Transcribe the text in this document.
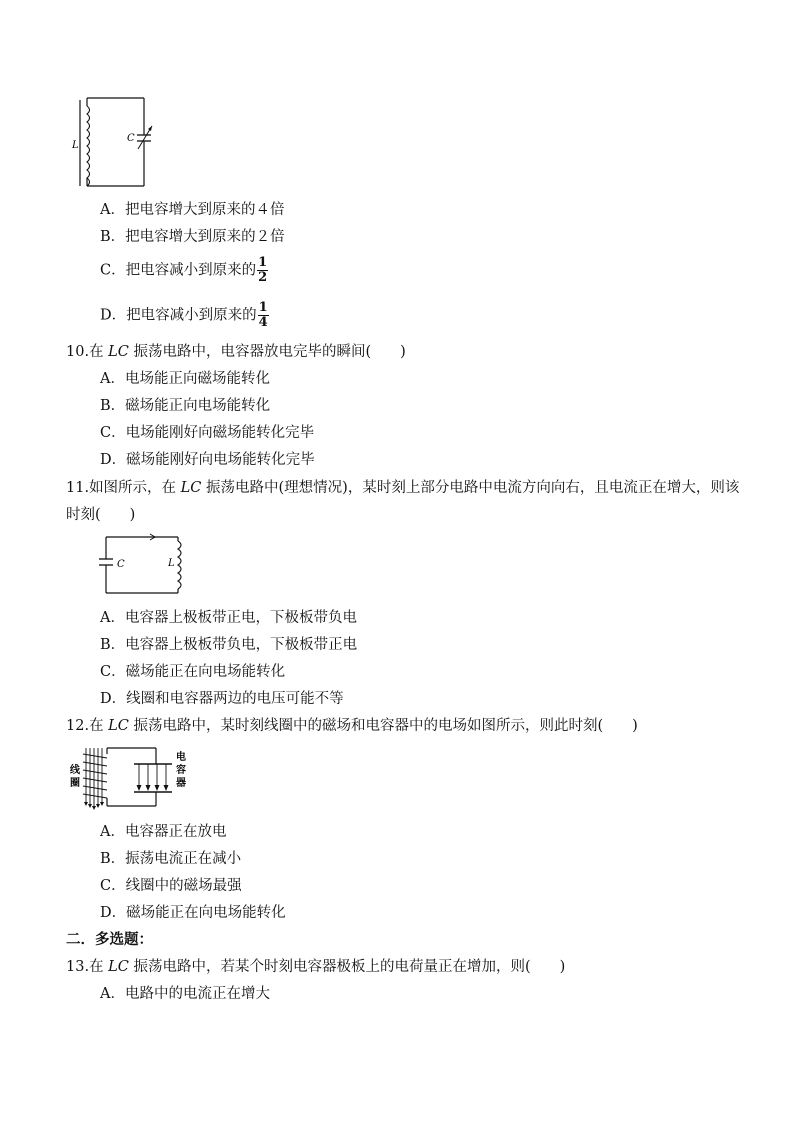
L
C
A．把电容增大到原来的４倍
B．把电容增大到原来的２倍
C．把电容减小到原来的 $\frac{1}{2}$
D．把电容减小到原来的 $\frac{1}{4}$
10.在 LC 振荡电路中，电容器放电完毕的瞬间(　　)
A．电场能正向磁场能转化
B．磁场能正向电场能转化
C．电场能刚好向磁场能转化完毕
D．磁场能刚好向电场能转化完毕
11.如图所示，在 LC 振荡电路中(理想情况)，某时刻上部分电路中电流方向向右，且电流正在增大，则该
时刻(　　)
C	L
A．电容器上极板带正电，下极板带负电
B．电容器上极板带负电，下极板带正电
C．磁场能正在向电场能转化
D．线圈和电容器两边的电压可能不等
12.在 LC 振荡电路中，某时刻线圈中的磁场和电容器中的电场如图所示，则此时刻(　　)
线
圈
电
容
器
A．电容器正在放电
B．振荡电流正在减小
C．线圈中的磁场最强
D．磁场能正在向电场能转化
二．多选题：
13.在 LC 振荡电路中，若某个时刻电容器极板上的电荷量正在增加，则(　　)
A．电路中的电流正在增大
